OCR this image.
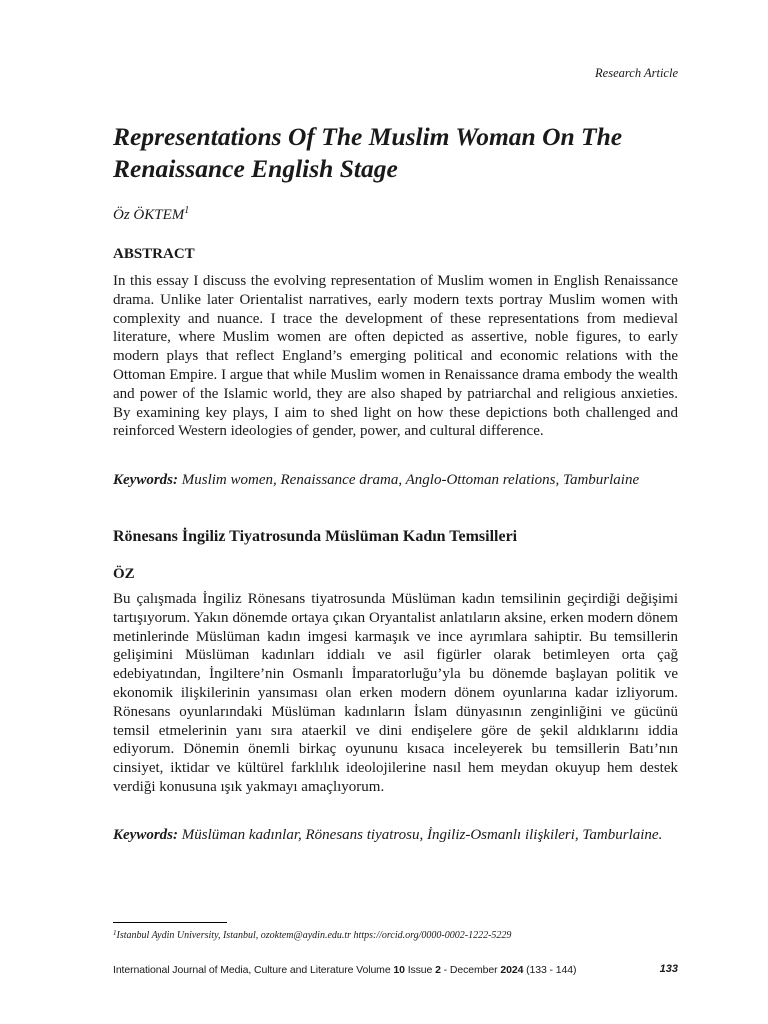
Research Article
Representations Of The Muslim Woman On The Renaissance English Stage
Öz ÖKTEM$^1$
ABSTRACT

In this essay I discuss the evolving representation of Muslim women in English Renaissance drama. Unlike later Orientalist narratives, early modern texts portray Muslim women with complexity and nuance. I trace the development of these representations from medieval literature, where Muslim women are often depicted as assertive, noble figures, to early modern plays that reflect England’s emerging political and economic relations with the Ottoman Empire. I argue that while Muslim women in Renaissance drama embody the wealth and power of the Islamic world, they are also shaped by patriarchal and religious anxieties. By examining key plays, I aim to shed light on how these depictions both challenged and reinforced Western ideologies of gender, power, and cultural difference.

Keywords: Muslim women, Renaissance drama, Anglo-Ottoman relations, Tamburlaine

Rönesans İngiliz Tiyatrosunda Müslüman Kadın Temsilleri
ÖZ

Bu çalışmada İngiliz Rönesans tiyatrosunda Müslüman kadın temsilinin geçirdiği değişimi tartışıyorum. Yakın dönemde ortaya çıkan Oryantalist anlatıların aksine, erken modern dönem metinlerinde Müslüman kadın imgesi karmaşık ve ince ayrımlara sahiptir. Bu temsillerin gelişimini Müslüman kadınları iddialı ve asil figürler olarak betimleyen orta çağ edebiyatından, İngiltere’nin Osmanlı İmparatorluğu’yla bu dönemde başlayan politik ve ekonomik ilişkilerinin yansıması olan erken modern dönem oyunlarına kadar izliyorum. Rönesans oyunlarındaki Müslüman kadınların İslam dünyasının zenginliğini ve gücünü temsil etmelerinin yanı sıra ataerkil ve dini endişelere göre de şekil aldıklarını iddia ediyorum. Dönemin önemli birkaç oyununu kısaca inceleyerek bu temsillerin Batı’nın cinsiyet, iktidar ve kültürel farklılık ideolojilerine nasıl hem meydan okuyup hem destek verdiği konusuna ışık yakmayı amaçlıyorum.

Keywords: Müslüman kadınlar, Rönesans tiyatrosu, İngiliz-Osmanlı ilişkileri, Tamburlaine.

$^1$Istanbul Aydin University, Istanbul, ozoktem@aydin.edu.tr https://orcid.org/0000-0002-1222-5229
International Journal of Media, Culture and Literature Volume 10 Issue 2 - December 2024 (133 - 144)	133
